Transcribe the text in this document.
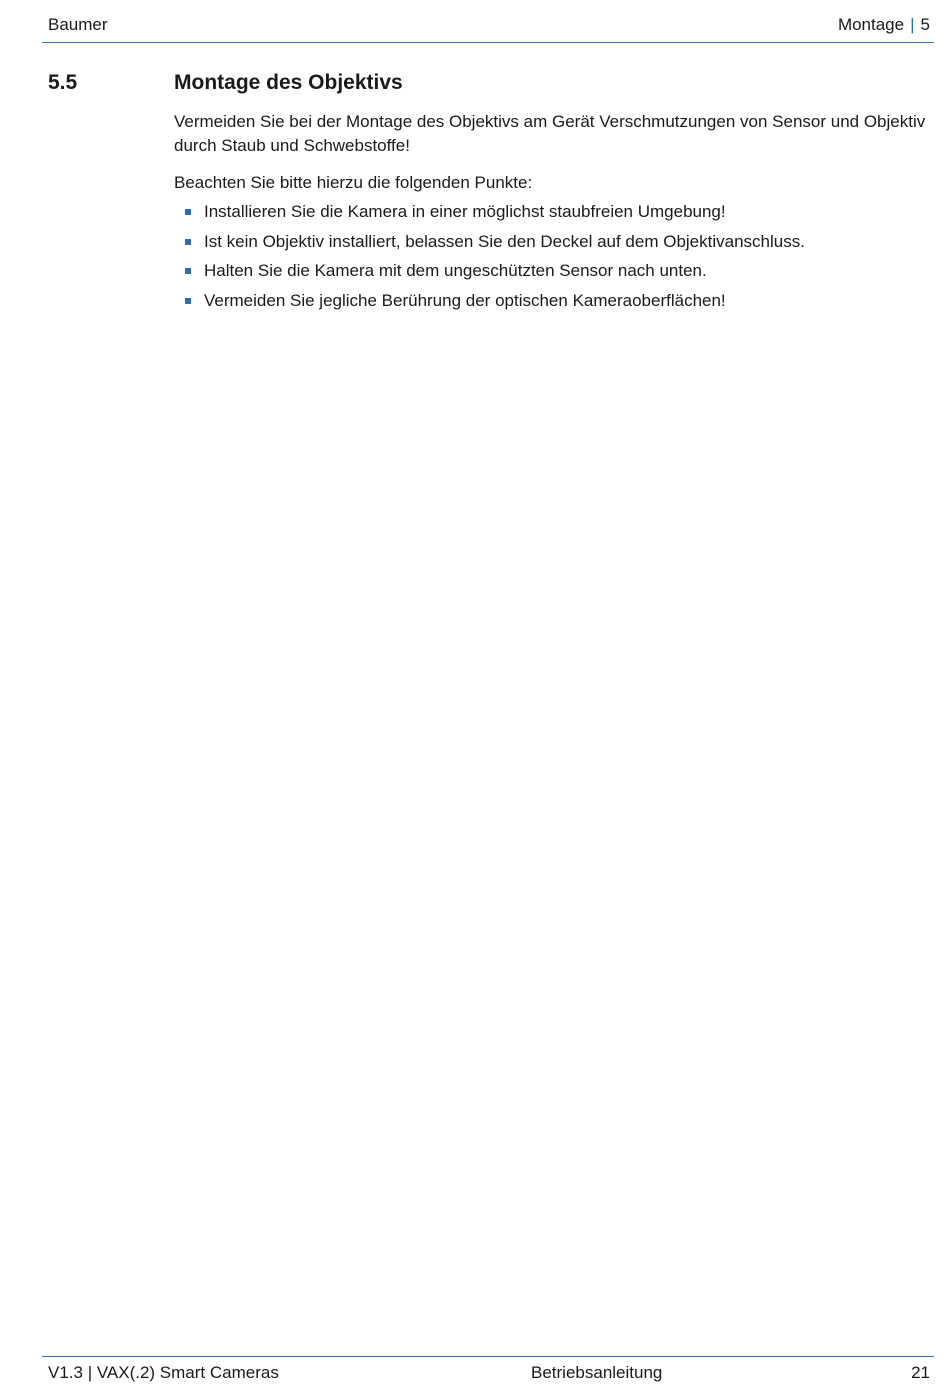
Baumer	Montage | 5
5.5	Montage des Objektivs

Vermeiden Sie bei der Montage des Objektivs am Gerät Verschmutzungen von Sensor und Objektiv durch Staub und Schwebstoffe!

Beachten Sie bitte hierzu die folgenden Punkte:

Installieren Sie die Kamera in einer möglichst staubfreien Umgebung!
Ist kein Objektiv installiert, belassen Sie den Deckel auf dem Objektivanschluss.
Halten Sie die Kamera mit dem ungeschützten Sensor nach unten.
Vermeiden Sie jegliche Berührung der optischen Kameraoberflächen!
V1.3 | VAX(.2) Smart Cameras	Betriebsanleitung	21
